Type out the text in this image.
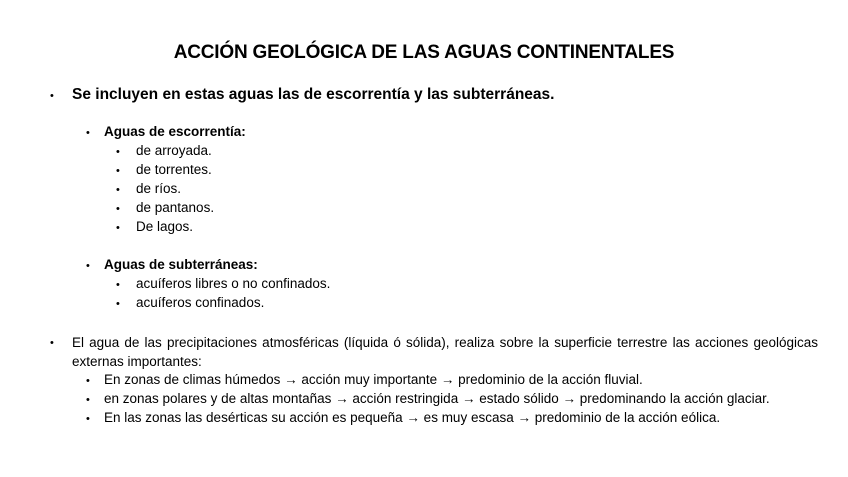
ACCIÓN GEOLÓGICA DE LAS AGUAS CONTINENTALES
• Se incluyen en estas aguas las de escorrentía y las subterráneas.
• Aguas de escorrentía:
• de arroyada.
• de torrentes.
• de ríos.
• de pantanos.
• De lagos.
• Aguas de subterráneas:
• acuíferos libres o no confinados.
• acuíferos confinados.
• El agua de las precipitaciones atmosféricas (líquida ó sólida), realiza sobre la superficie terrestre las acciones geológicas externas importantes:
• En zonas de climas húmedos → acción muy importante → predominio de la acción fluvial.
• en zonas polares y de altas montañas → acción restringida → estado sólido → predominando la acción glaciar.
• En las zonas las desérticas su acción es pequeña → es muy escasa → predominio de la acción eólica.
